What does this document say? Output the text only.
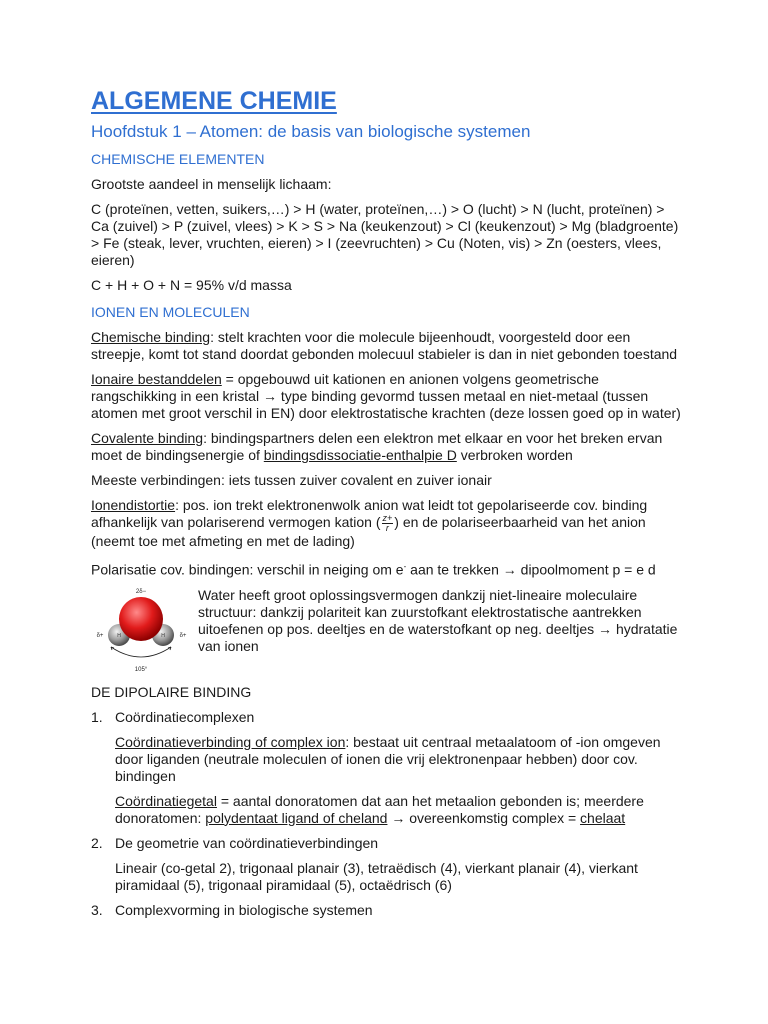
ALGEMENE CHEMIE
Hoofdstuk 1 – Atomen: de basis van biologische systemen
CHEMISCHE ELEMENTEN

Grootste aandeel in menselijk lichaam:

C (proteïnen, vetten, suikers,…) > H (water, proteïnen,…) > O (lucht) > N (lucht, proteïnen) > Ca (zuivel) > P (zuivel, vlees) > K > S > Na (keukenzout) > Cl (keukenzout) > Mg (bladgroente) > Fe (steak, lever, vruchten, eieren) > I (zeevruchten) > Cu (Noten, vis) > Zn (oesters, vlees, eieren)

C + H + O + N = 95% v/d massa

IONEN EN MOLECULEN

Chemische binding: stelt krachten voor die molecule bijeenhoudt, voorgesteld door een streepje, komt tot stand doordat gebonden molecuul stabieler is dan in niet gebonden toestand

Ionaire bestanddelen = opgebouwd uit kationen en anionen volgens geometrische rangschikking in een kristal → type binding gevormd tussen metaal en niet-metaal (tussen atomen met groot verschil in EN) door elektrostatische krachten (deze lossen goed op in water)

Covalente binding: bindingspartners delen een elektron met elkaar en voor het breken ervan moet de bindingsenergie of bindingsdissociatie-enthalpie D verbroken worden

Meeste verbindingen: iets tussen zuiver covalent en zuiver ionair

Ionendistortie: pos. ion trekt elektronenwolk anion wat leidt tot gepolariseerde cov. binding afhankelijk van polariserend vermogen kation ( $\frac{z+}{r}$ ) en de polariseerbaarheid van het anion (neemt toe met afmeting en met de lading)

Polarisatie cov. bindingen: verschil in neiging om e- aan te trekken → dipoolmoment p = e d

2δ−
H	H
δ+	δ+
105°

Water heeft groot oplossingsvermogen dankzij niet-lineaire moleculaire structuur: dankzij polariteit kan zuurstofkant elektrostatische aantrekken uitoefenen op pos. deeltjes en de waterstofkant op neg. deeltjes → hydratatie van ionen

DE DIPOLAIRE BINDING
1. Coördinatiecomplexen

Coördinatieverbinding of complex ion: bestaat uit centraal metaalatoom of -ion omgeven door liganden (neutrale moleculen of ionen die vrij elektronenpaar hebben) door cov. bindingen

Coördinatiegetal = aantal donoratomen dat aan het metaalion gebonden is; meerdere donoratomen: polydentaat ligand of cheland → overeenkomstig complex = chelaat

2. De geometrie van coördinatieverbindingen

Lineair (co-getal 2), trigonaal planair (3), tetraëdisch (4), vierkant planair (4), vierkant piramidaal (5), trigonaal piramidaal (5), octaëdrisch (6)

3. Complexvorming in biologische systemen
